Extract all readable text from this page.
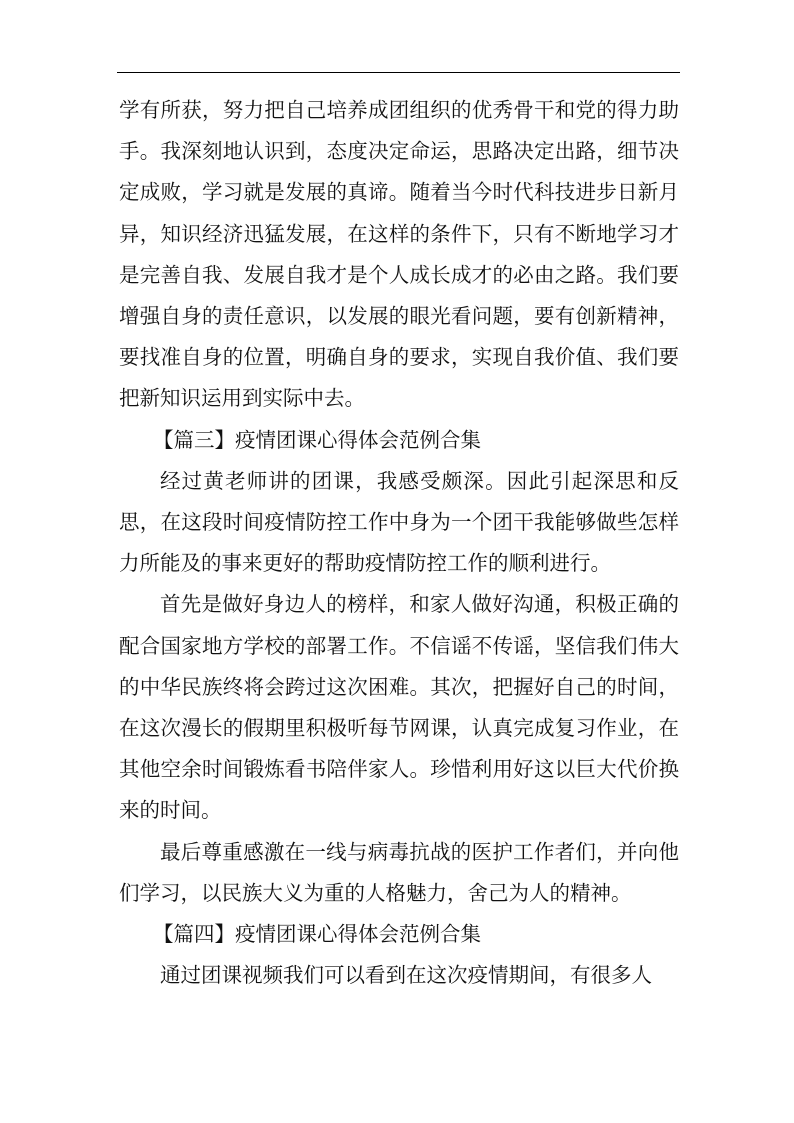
学有所获，努力把自己培养成团组织的优秀骨干和党的得力助手。我深刻地认识到，态度决定命运，思路决定出路，细节决定成败，学习就是发展的真谛。随着当今时代科技进步日新月异，知识经济迅猛发展，在这样的条件下，只有不断地学习才是完善自我、发展自我才是个人成长成才的必由之路。我们要增强自身的责任意识，以发展的眼光看问题，要有创新精神，要找准自身的位置，明确自身的要求，实现自我价值、我们要把新知识运用到实际中去。

【篇三】疫情团课心得体会范例合集

经过黄老师讲的团课，我感受颇深。因此引起深思和反思，在这段时间疫情防控工作中身为一个团干我能够做些怎样力所能及的事来更好的帮助疫情防控工作的顺利进行。

首先是做好身边人的榜样，和家人做好沟通，积极正确的配合国家地方学校的部署工作。不信谣不传谣，坚信我们伟大的中华民族终将会跨过这次困难。其次，把握好自己的时间，在这次漫长的假期里积极听每节网课，认真完成复习作业，在其他空余时间锻炼看书陪伴家人。珍惜利用好这以巨大代价换来的时间。

最后尊重感激在一线与病毒抗战的医护工作者们，并向他们学习，以民族大义为重的人格魅力，舍己为人的精神。

【篇四】疫情团课心得体会范例合集

通过团课视频我们可以看到在这次疫情期间，有很多人
